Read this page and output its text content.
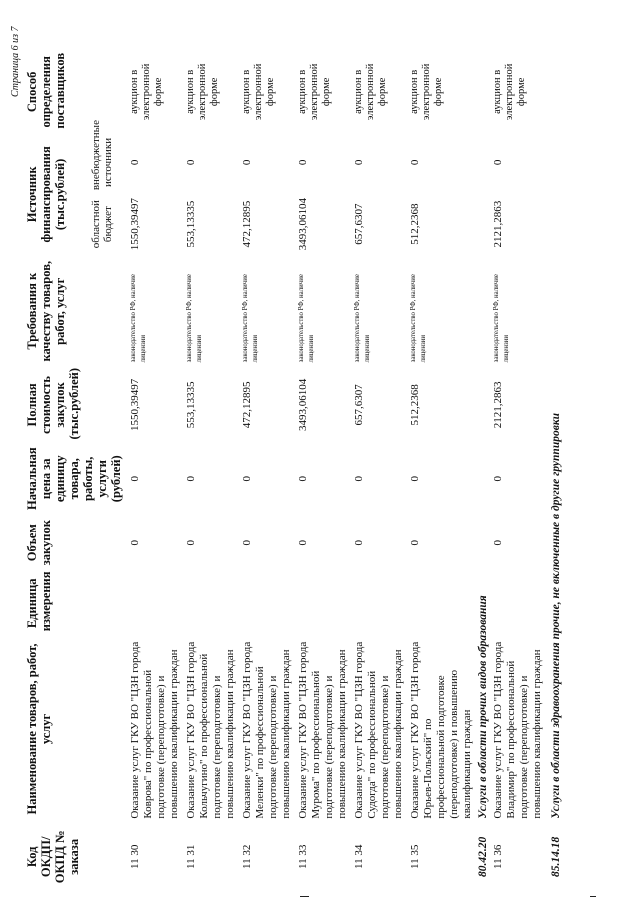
Страница 6 из 7
Код ОКДП/ ОКПД № заказа	Наименование товаров, работ, услуг	Единица измерения	Объем закупок	Начальная цена за единицу товара, работы, услуги (рублей)	Полная стоимость закупок (тыс.рублей)	Требования к качеству товаров, работ, услуг	Источник финансирования (тыс.рублей)		Способ определения поставщиков
							областной бюджет	внебюджетные источники	
11 30	Оказание услуг ГКУ ВО "ЦЗН города Коврова" по профессиональной подготовке (переподготовке) и повышению квалификации граждан		0	0	1550,39497	законодательство РФ, наличие лицензии	1550,39497	0	аукцион в электронной форме
11 31	Оказание услуг ГКУ ВО "ЦЗН города Кольчугино" по профессиональной подготовке (переподготовке) и повышению квалификации граждан		0	0	553,13335	законодательство РФ, наличие лицензии	553,13335	0	аукцион в электронной форме
11 32	Оказание услуг ГКУ ВО "ЦЗН города Меленки" по профессиональной подготовке (переподготовке) и повышению квалификации граждан		0	0	472,12895	законодательство РФ, наличие лицензии	472,12895	0	аукцион в электронной форме
11 33	Оказание услуг ГКУ ВО "ЦЗН города Мурома" по профессиональной подготовке (переподготовке) и повышению квалификации граждан		0	0	3493,06104	законодательство РФ, наличие лицензии	3493,06104	0	аукцион в электронной форме
11 34	Оказание услуг ГКУ ВО "ЦЗН города Судогда" по профессиональной подготовке (переподготовке) и повышению квалификации граждан		0	0	657,6307	законодательство РФ, наличие лицензии	657,6307	0	аукцион в электронной форме
11 35	Оказание услуг ГКУ ВО "ЦЗН города Юрьев-Польский" по профессиональной подготовке (переподготовке) и повышению квалификации граждан		0	0	512,2368	законодательство РФ, наличие лицензии	512,2368	0	аукцион в электронной форме
80.42.20	Услуги в области прочих видов образования								
11 36	Оказание услуг ГКУ ВО "ЦЗН города Владимир" по профессиональной подготовке (переподготовке) и повышению квалификации граждан		0	0	2121,2863	законодательство РФ, наличие лицензии	2121,2863	0	аукцион в электронной форме
85.14.18	Услуги в области здравоохранения прочие, не включенные в другие группировки								
